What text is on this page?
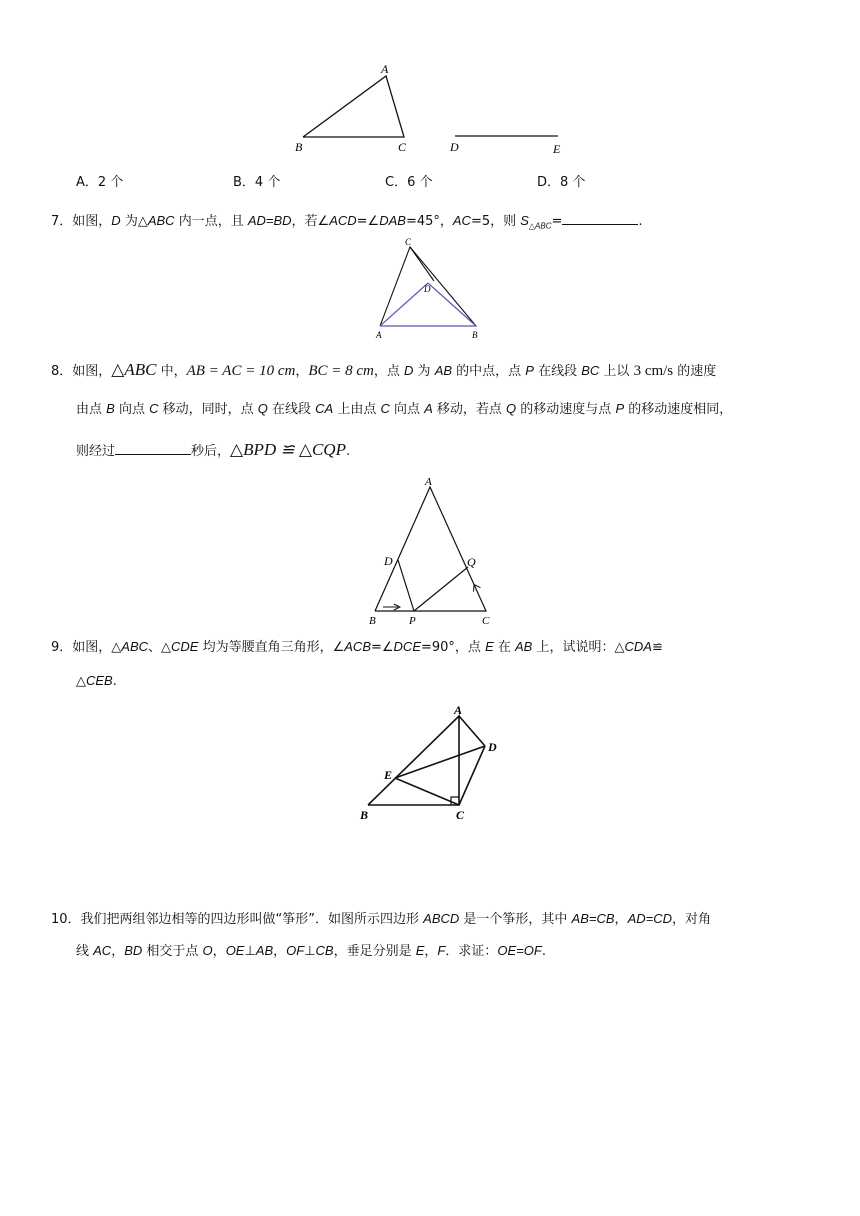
A
B	C	D	E
A．2 个	B．4 个	C．6 个	D．8 个
7．如图，D 为△ABC 内一点，且 AD=BD，若∠ACD=∠DAB=45°，AC=5，则 $S_{\triangle ABC}=$	.
C
D
A	B
8．如图，△ABC 中，AB = AC = 10 cm，BC = 8 cm，点 D 为 AB 的中点，点 P 在线段 BC 上以 3 cm/s 的速度
由点 B 向点 C 移动，同时，点 Q 在线段 CA 上由点 C 向点 A 移动，若点 Q 的移动速度与点 P 的移动速度相同，
则经过	秒后，△BPD ≌ △CQP.
A
D	Q
B	P	C
9．如图，△ABC、△CDE 均为等腰直角三角形，∠ACB=∠DCE=90°，点 E 在 AB 上，试说明：△CDA≌
△CEB.
A
D
E
B	C
10．我们把两组邻边相等的四边形叫做“筝形”．如图所示四边形 ABCD 是一个筝形，其中 AB=CB，AD=CD，对角
线 AC，BD 相交于点 O，OE⊥AB，OF⊥CB，垂足分别是 E，F．求证：OE=OF.
